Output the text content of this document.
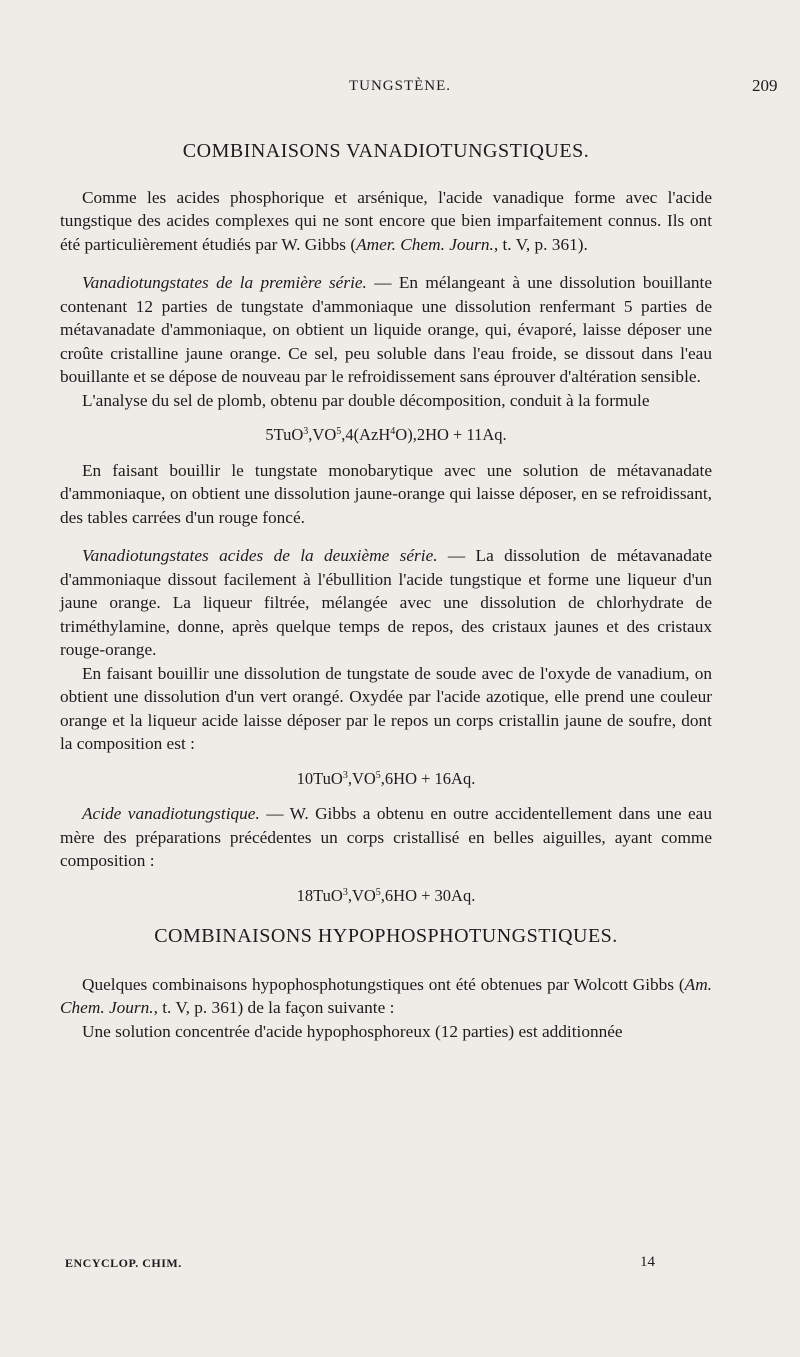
TUNGSTÈNE.	209
COMBINAISONS VANADIOTUNGSTIQUES.

Comme les acides phosphorique et arsénique, l'acide vanadique forme avec l'acide tungstique des acides complexes qui ne sont encore que bien imparfaitement connus. Ils ont été particulièrement étudiés par W. Gibbs (Amer. Chem. Journ., t. V, p. 361).

Vanadiotungstates de la première série. — En mélangeant à une dissolution bouillante contenant 12 parties de tungstate d'ammoniaque une dissolution renfermant 5 parties de métavanadate d'ammoniaque, on obtient un liquide orange, qui, évaporé, laisse déposer une croûte cristalline jaune orange. Ce sel, peu soluble dans l'eau froide, se dissout dans l'eau bouillante et se dépose de nouveau par le refroidissement sans éprouver d'altération sensible.

L'analyse du sel de plomb, obtenu par double décomposition, conduit à la formule

$5TuO^3,VO^5,4(AzH^4O),2HO + 11Aq$.

En faisant bouillir le tungstate monobarytique avec une solution de métavanadate d'ammoniaque, on obtient une dissolution jaune-orange qui laisse déposer, en se refroidissant, des tables carrées d'un rouge foncé.

Vanadiotungstates acides de la deuxième série. — La dissolution de métavanadate d'ammoniaque dissout facilement à l'ébullition l'acide tungstique et forme une liqueur d'un jaune orange. La liqueur filtrée, mélangée avec une dissolution de chlorhydrate de triméthylamine, donne, après quelque temps de repos, des cristaux jaunes et des cristaux rouge-orange.

En faisant bouillir une dissolution de tungstate de soude avec de l'oxyde de vanadium, on obtient une dissolution d'un vert orangé. Oxydée par l'acide azotique, elle prend une couleur orange et la liqueur acide laisse déposer par le repos un corps cristallin jaune de soufre, dont la composition est :

$10TuO^3,VO^5,6HO + 16Aq$.

Acide vanadiotungstique. — W. Gibbs a obtenu en outre accidentellement dans une eau mère des préparations précédentes un corps cristallisé en belles aiguilles, ayant comme composition :

$18TuO^3,VO^5,6HO + 30Aq$.
COMBINAISONS HYPOPHOSPHOTUNGSTIQUES.

Quelques combinaisons hypophosphotungstiques ont été obtenues par Wolcott Gibbs (Am. Chem. Journ., t. V, p. 361) de la façon suivante :

Une solution concentrée d'acide hypophosphoreux (12 parties) est additionnée

ENCYCLOP. CHIM.	14
